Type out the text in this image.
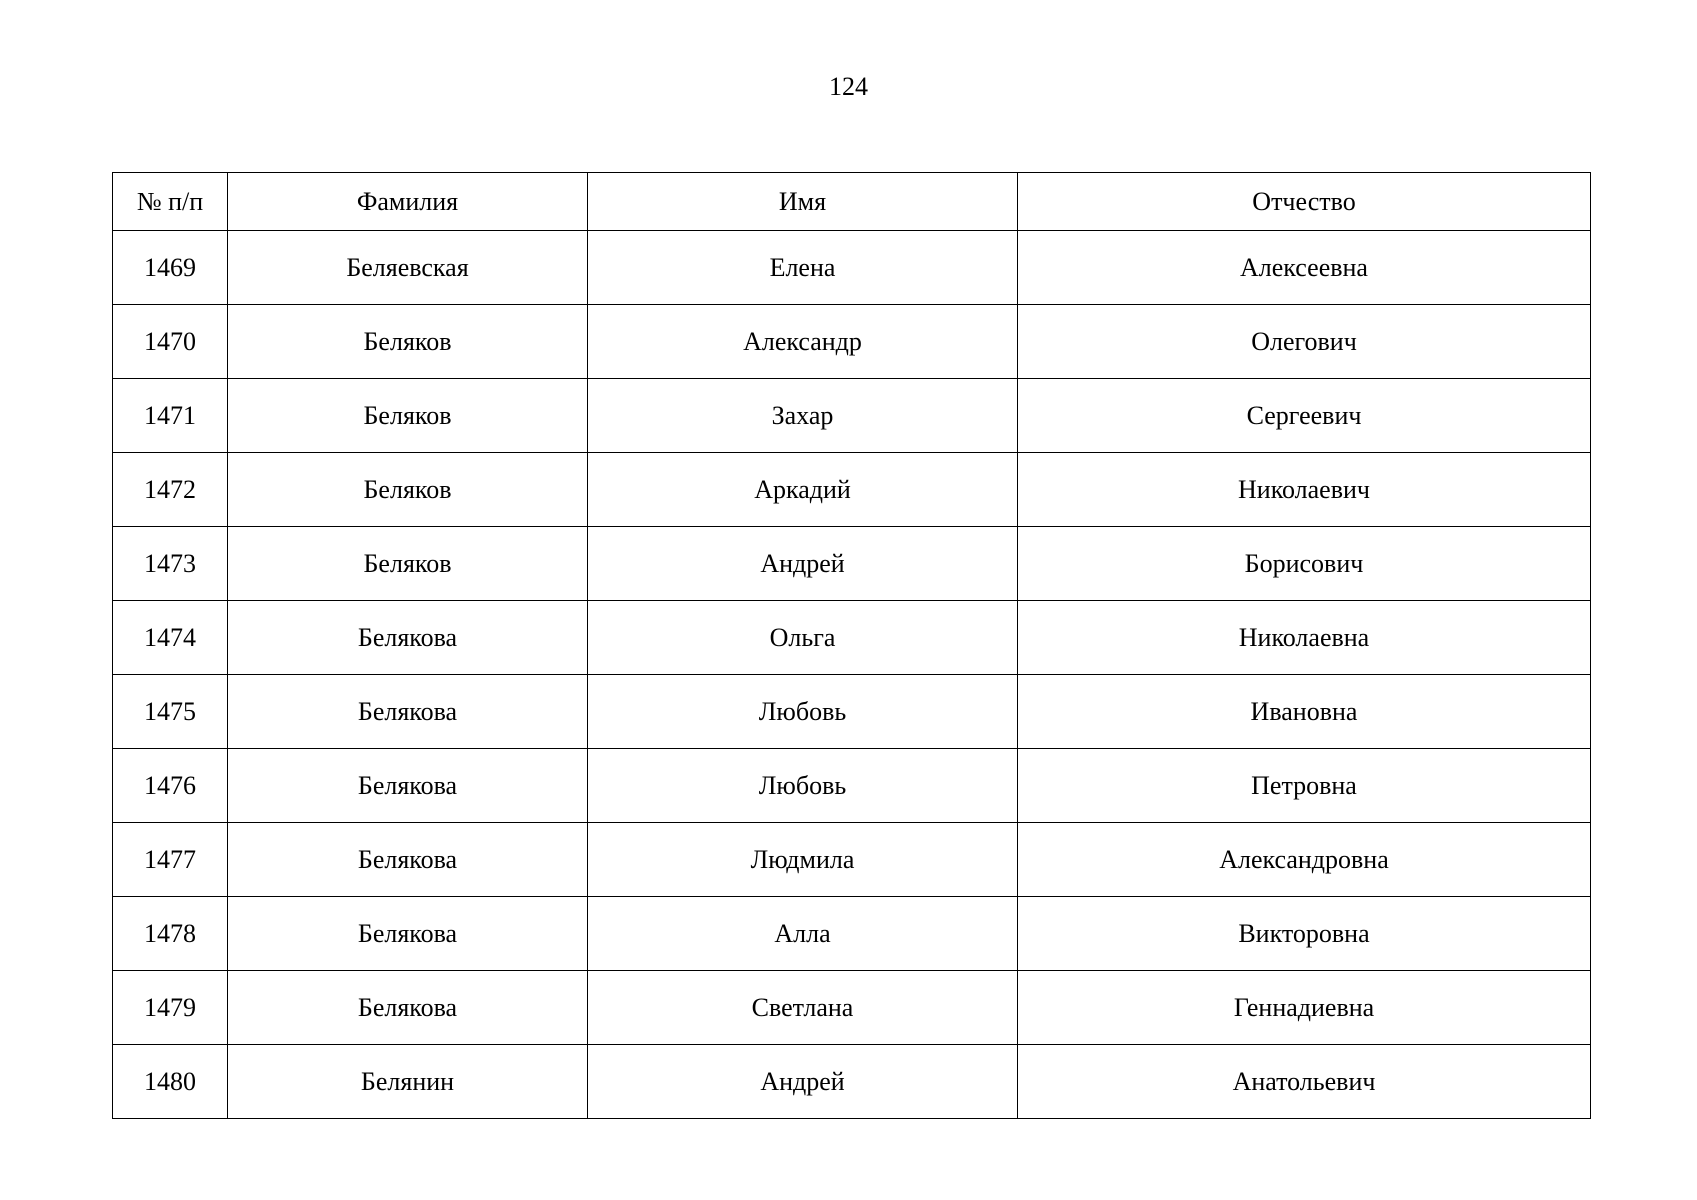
124
№ п/п	Фамилия	Имя	Отчество
1469	Беляевская	Елена	Алексеевна
1470	Беляков	Александр	Олегович
1471	Беляков	Захар	Сергеевич
1472	Беляков	Аркадий	Николаевич
1473	Беляков	Андрей	Борисович
1474	Белякова	Ольга	Николаевна
1475	Белякова	Любовь	Ивановна
1476	Белякова	Любовь	Петровна
1477	Белякова	Людмила	Александровна
1478	Белякова	Алла	Викторовна
1479	Белякова	Светлана	Геннадиевна
1480	Белянин	Андрей	Анатольевич
